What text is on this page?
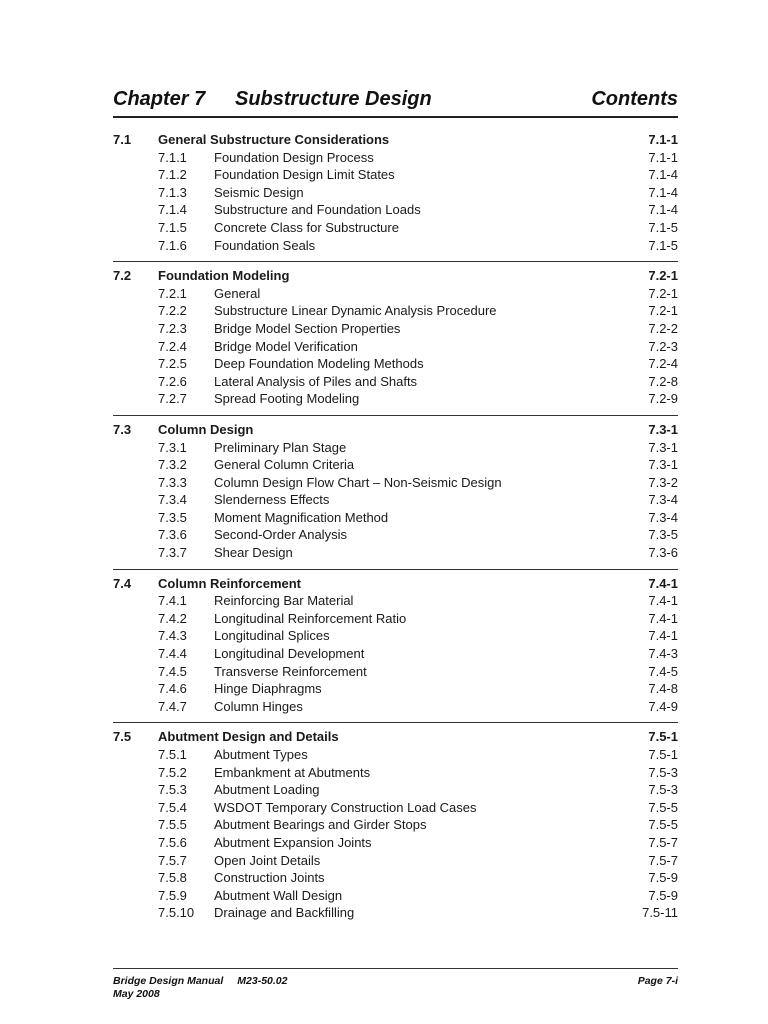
Chapter 7 Substructure Design	Contents
7.1	General Substructure Considerations	7.1-1
7.1.1	Foundation Design Process	7.1-1
7.1.2	Foundation Design Limit States	7.1-4
7.1.3	Seismic Design	7.1-4
7.1.4	Substructure and Foundation Loads	7.1-4
7.1.5	Concrete Class for Substructure	7.1-5
7.1.6	Foundation Seals	7.1-5
7.2	Foundation Modeling	7.2-1
7.2.1	General	7.2-1
7.2.2	Substructure Linear Dynamic Analysis Procedure	7.2-1
7.2.3	Bridge Model Section Properties	7.2-2
7.2.4	Bridge Model Verification	7.2-3
7.2.5	Deep Foundation Modeling Methods	7.2-4
7.2.6	Lateral Analysis of Piles and Shafts	7.2-8
7.2.7	Spread Footing Modeling	7.2-9
7.3	Column Design	7.3-1
7.3.1	Preliminary Plan Stage	7.3-1
7.3.2	General Column Criteria	7.3-1
7.3.3	Column Design Flow Chart – Non-Seismic Design	7.3-2
7.3.4	Slenderness Effects	7.3-4
7.3.5	Moment Magnification Method	7.3-4
7.3.6	Second-Order Analysis	7.3-5
7.3.7	Shear Design	7.3-6
7.4	Column Reinforcement	7.4-1
7.4.1	Reinforcing Bar Material	7.4-1
7.4.2	Longitudinal Reinforcement Ratio	7.4-1
7.4.3	Longitudinal Splices	7.4-1
7.4.4	Longitudinal Development	7.4-3
7.4.5	Transverse Reinforcement	7.4-5
7.4.6	Hinge Diaphragms	7.4-8
7.4.7	Column Hinges	7.4-9
7.5	Abutment Design and Details	7.5-1
7.5.1	Abutment Types	7.5-1
7.5.2	Embankment at Abutments	7.5-3
7.5.3	Abutment Loading	7.5-3
7.5.4	WSDOT Temporary Construction Load Cases	7.5-5
7.5.5	Abutment Bearings and Girder Stops	7.5-5
7.5.6	Abutment Expansion Joints	7.5-7
7.5.7	Open Joint Details	7.5-7
7.5.8	Construction Joints	7.5-9
7.5.9	Abutment Wall Design	7.5-9
7.5.10	Drainage and Backfilling	7.5-11
Bridge Design Manual M23-50.02
May 2008
Page 7-i
